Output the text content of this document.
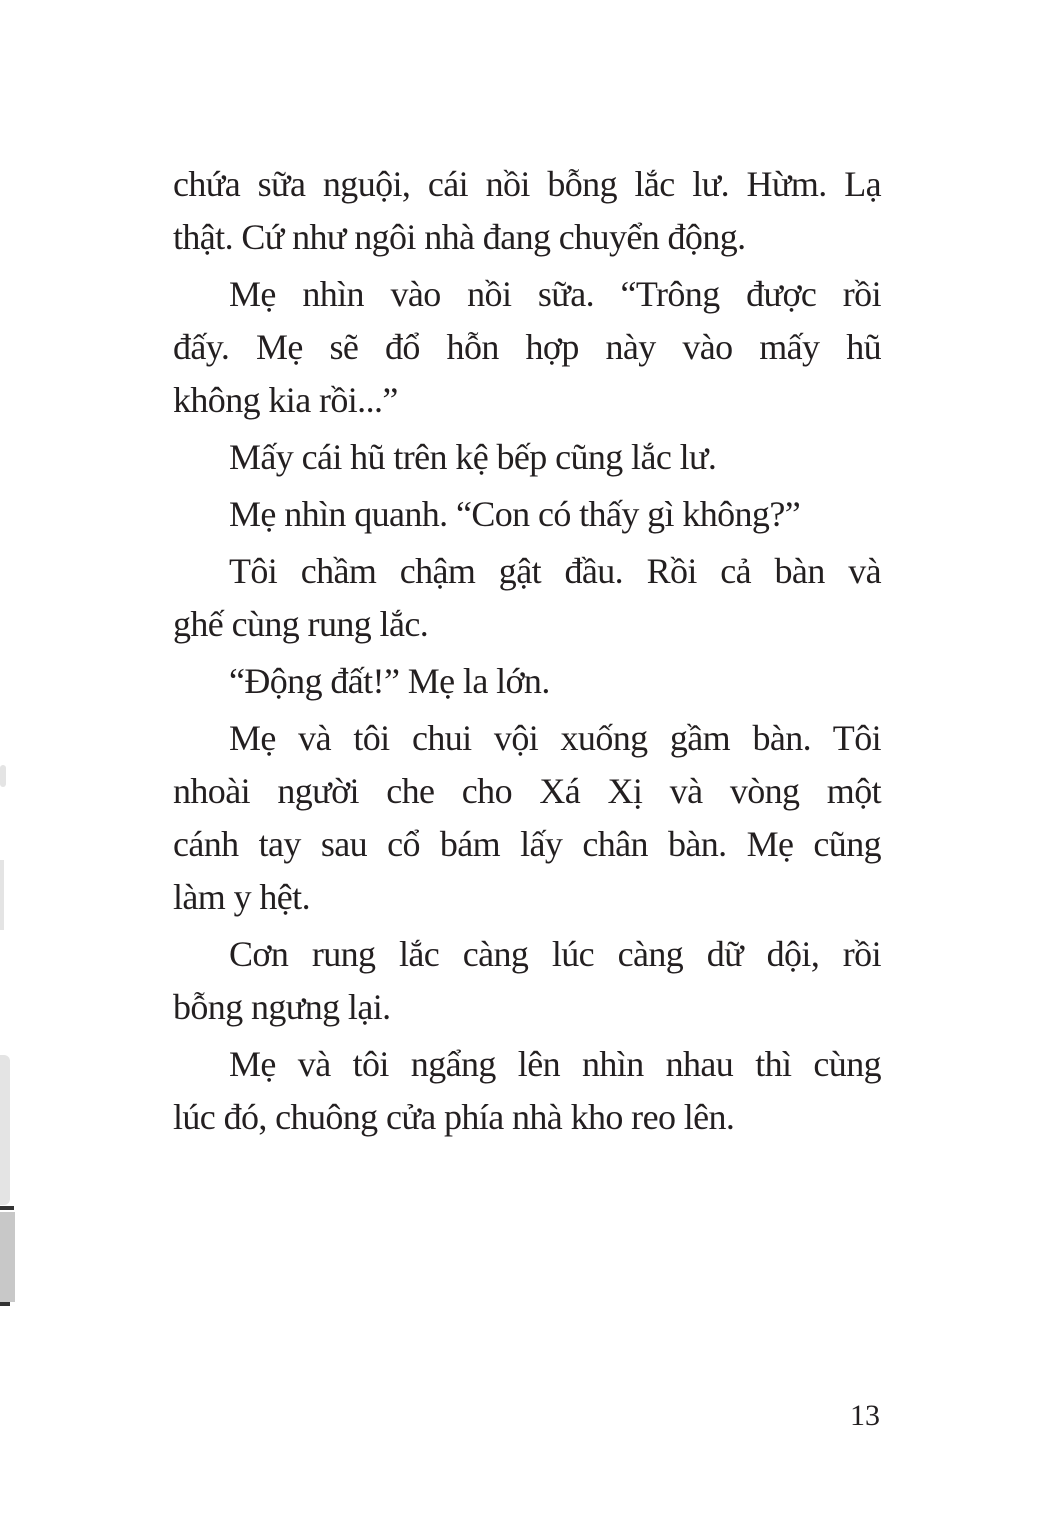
chứa sữa nguội, cái nồi bỗng lắc lư. Hừm. Lạ
thật. Cứ như ngôi nhà đang chuyển động.
Mẹ nhìn vào nồi sữa. “Trông được rồi
đấy. Mẹ sẽ đổ hỗn hợp này vào mấy hũ
không kia rồi...”
Mấy cái hũ trên kệ bếp cũng lắc lư.
Mẹ nhìn quanh. “Con có thấy gì không?”
Tôi chầm chậm gật đầu. Rồi cả bàn và
ghế cùng rung lắc.
“Động đất!” Mẹ la lớn.
Mẹ và tôi chui vội xuống gầm bàn. Tôi
nhoài người che cho Xá Xị và vòng một
cánh tay sau cổ bám lấy chân bàn. Mẹ cũng
làm y hệt.
Cơn rung lắc càng lúc càng dữ dội, rồi
bỗng ngưng lại.
Mẹ và tôi ngẩng lên nhìn nhau thì cùng
lúc đó, chuông cửa phía nhà kho reo lên.
13
